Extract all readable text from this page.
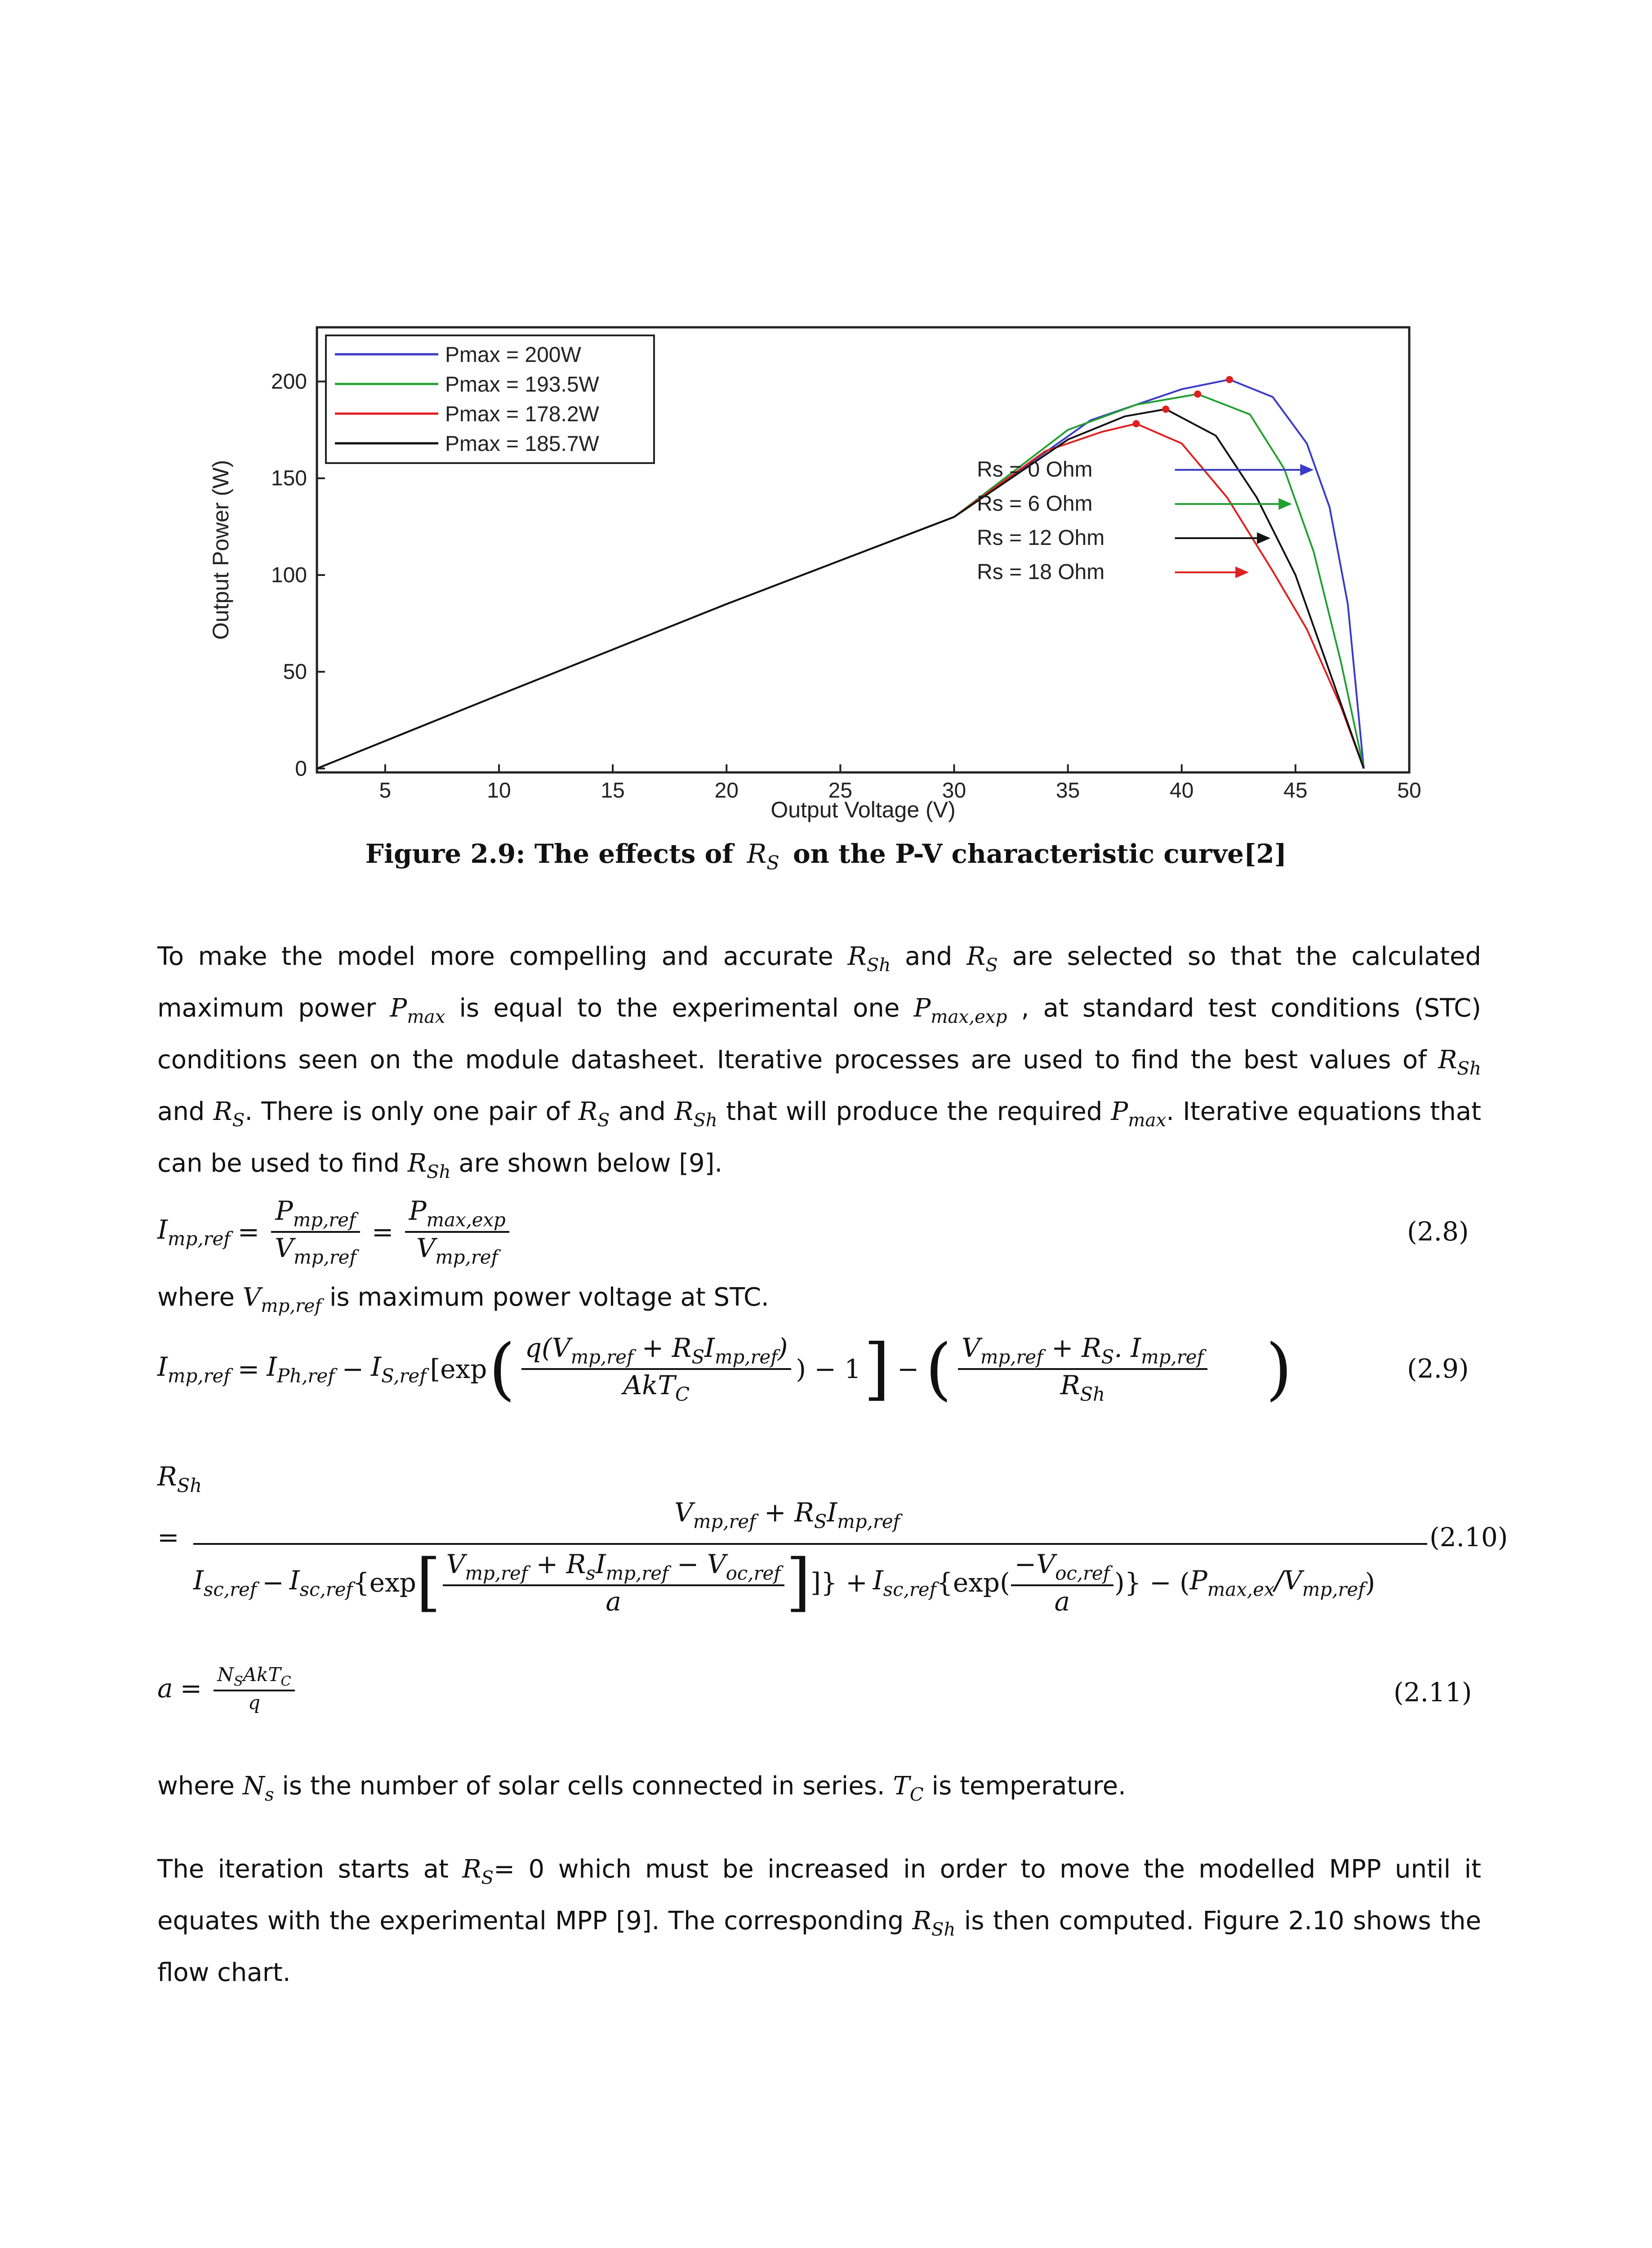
5	10	15	20	25	30	35	40	45	50
0
50
100
150
200
Pmax = 200W
Pmax = 193.5W
Pmax = 178.2W
Pmax = 185.7W
Rs = 0 Ohm
Rs = 6 Ohm
Rs = 12 Ohm
Rs = 18 Ohm
Output Voltage (V)
Output Power (W)
Figure 2.9: The effects of $R_S$ on the P-V characteristic curve[2]
To make the model more compelling and accurate $R_{Sh}$ and $R_S$ are selected so that the calculated maximum power $P_{max}$ is equal to the experimental one $P_{max,exp}$ , at standard test conditions (STC) conditions seen on the module datasheet. Iterative processes are used to find the best values of $R_{Sh}$ and $R_S$. There is only one pair of $R_S$ and $R_{Sh}$ that will produce the required $P_{max}$. Iterative equations that can be used to find $R_{Sh}$ are shown below [9].
$I_{mp,ref} = \frac{P_{mp,ref}}{V_{mp,ref}} = \frac{P_{max,exp}}{V_{mp,ref}}$	(2.8)
where $V_{mp,ref}$ is maximum power voltage at STC.
$I_{mp,ref} = I_{Ph,ref} - I_{S,ref}$ [exp ( $\frac{q(V_{mp,ref} + R_SI_{mp,ref})}{AkT_C}$ ) − 1 ] − ( $\frac{V_{mp,ref} + R_S. I_{mp,ref}}{R_{Sh}}$ )	(2.9)
$R_{Sh}$
=
$V_{mp,ref} + R_SI_{mp,ref}$
$I_{sc,ref} - I_{sc,ref}$ {exp [ $\frac{V_{mp,ref} + R_sI_{mp,ref} - V_{oc,ref}}{a}$ ] ]} + $I_{sc,ref}$ {$\exp( \frac{-V_{oc,ref}}{a}$ )} − ( $P_{max,ex}/V_{mp,ref}$ )
(2.10)
$a = \frac{N_SAkT_C}{q}$	(2.11)
where $N_s$ is the number of solar cells connected in series. $T_C$ is temperature.
The iteration starts at $R_S= 0$ which must be increased in order to move the modelled MPP until it equates with the experimental MPP [9]. The corresponding $R_{Sh}$ is then computed. Figure 2.10 shows the flow chart.
